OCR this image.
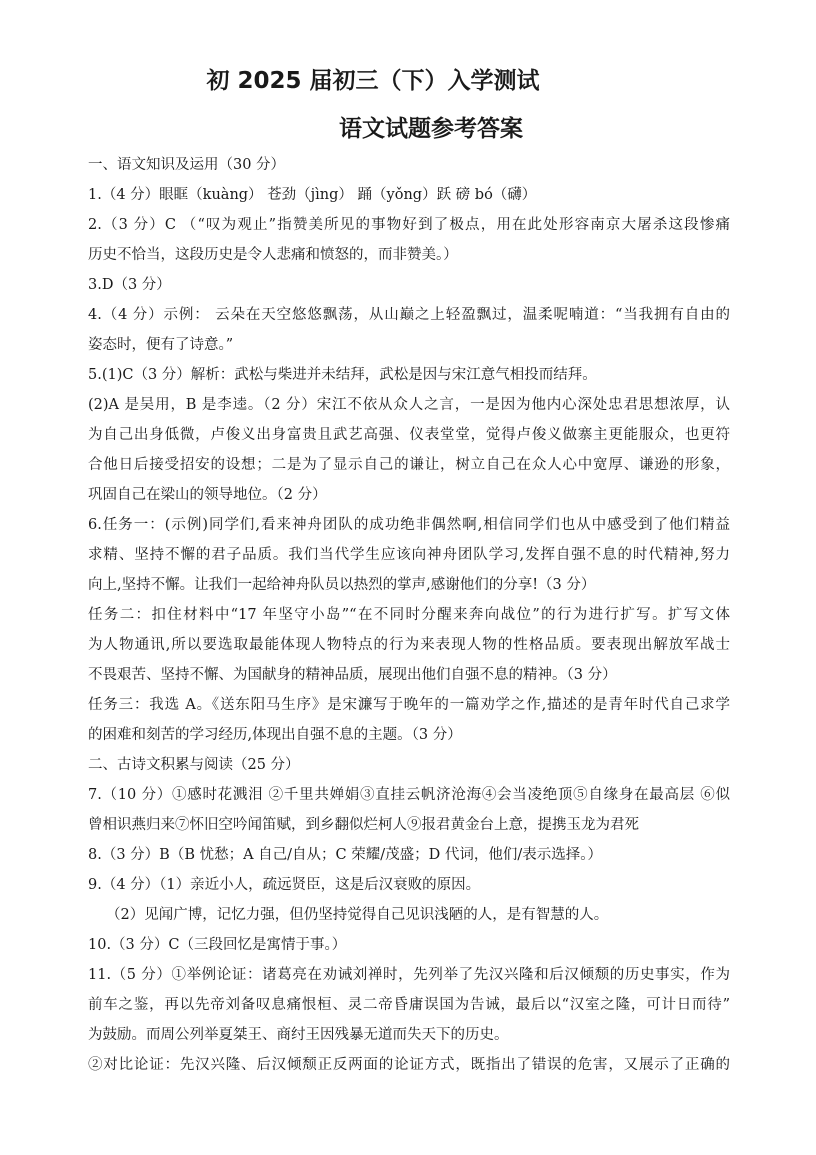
初 2025 届初三（下）入学测试
语文试题参考答案
一、语文知识及运用（30 分）
1.（4 分）眼眶（kuàng） 苍劲（jìng） 踊（yǒng）跃 磅 bó（礴）
2.（3 分）C （“叹为观止”指赞美所见的事物好到了极点，用在此处形容南京大屠杀这段惨痛
历史不恰当，这段历史是令人悲痛和愤怒的，而非赞美。）
3.D（3 分）
4.（4 分）示例： 云朵在天空悠悠飘荡，从山巅之上轻盈飘过，温柔呢喃道：“当我拥有自由的
姿态时，便有了诗意。”
5.(1)C（3 分）解析：武松与柴进并未结拜，武松是因与宋江意气相投而结拜。
(2)A 是吴用，B 是李逵。（2 分）宋江不依从众人之言，一是因为他内心深处忠君思想浓厚，认
为自己出身低微，卢俊义出身富贵且武艺高强、仪表堂堂，觉得卢俊义做寨主更能服众，也更符
合他日后接受招安的设想；二是为了显示自己的谦让，树立自己在众人心中宽厚、谦逊的形象，
巩固自己在梁山的领导地位。（2 分）
6.任务一：(示例)同学们,看来神舟团队的成功绝非偶然啊,相信同学们也从中感受到了他们精益
求精、坚持不懈的君子品质。我们当代学生应该向神舟团队学习,发挥自强不息的时代精神,努力
向上,坚持不懈。让我们一起给神舟队员以热烈的掌声,感谢他们的分享!（3 分）
任务二：扣住材料中“17 年坚守小岛”“在不同时分醒来奔向战位”的行为进行扩写。扩写文体
为人物通讯,所以要选取最能体现人物特点的行为来表现人物的性格品质。要表现出解放军战士
不畏艰苦、坚持不懈、为国献身的精神品质，展现出他们自强不息的精神。（3 分）
任务三：我选 A。《送东阳马生序》是宋濂写于晚年的一篇劝学之作,描述的是青年时代自己求学
的困难和刻苦的学习经历,体现出自强不息的主题。（3 分）
二、古诗文积累与阅读（25 分）
7.（10 分）①感时花溅泪 ②千里共婵娟③直挂云帆济沧海④会当凌绝顶⑤自缘身在最高层 ⑥似
曾相识燕归来⑦怀旧空吟闻笛赋，到乡翻似烂柯人⑨报君黄金台上意，提携玉龙为君死
8.（3 分）B（B 忧愁；A 自己/自从；C 荣耀/茂盛；D 代词，他们/表示选择。）
9.（4 分）（1）亲近小人，疏远贤臣，这是后汉衰败的原因。
（2）见闻广博，记忆力强，但仍坚持觉得自己见识浅陋的人，是有智慧的人。
10.（3 分）C（三段回忆是寓情于事。）
11.（5 分）①举例论证：诸葛亮在劝诫刘禅时，先列举了先汉兴隆和后汉倾颓的历史事实，作为
前车之鉴，再以先帝刘备叹息痛恨桓、灵二帝昏庸误国为告诫，最后以“汉室之隆，可计日而待”
为鼓励。而周公列举夏桀王、商纣王因残暴无道而失天下的历史。
②对比论证：先汉兴隆、后汉倾颓正反两面的论证方式，既指出了错误的危害，又展示了正确的
